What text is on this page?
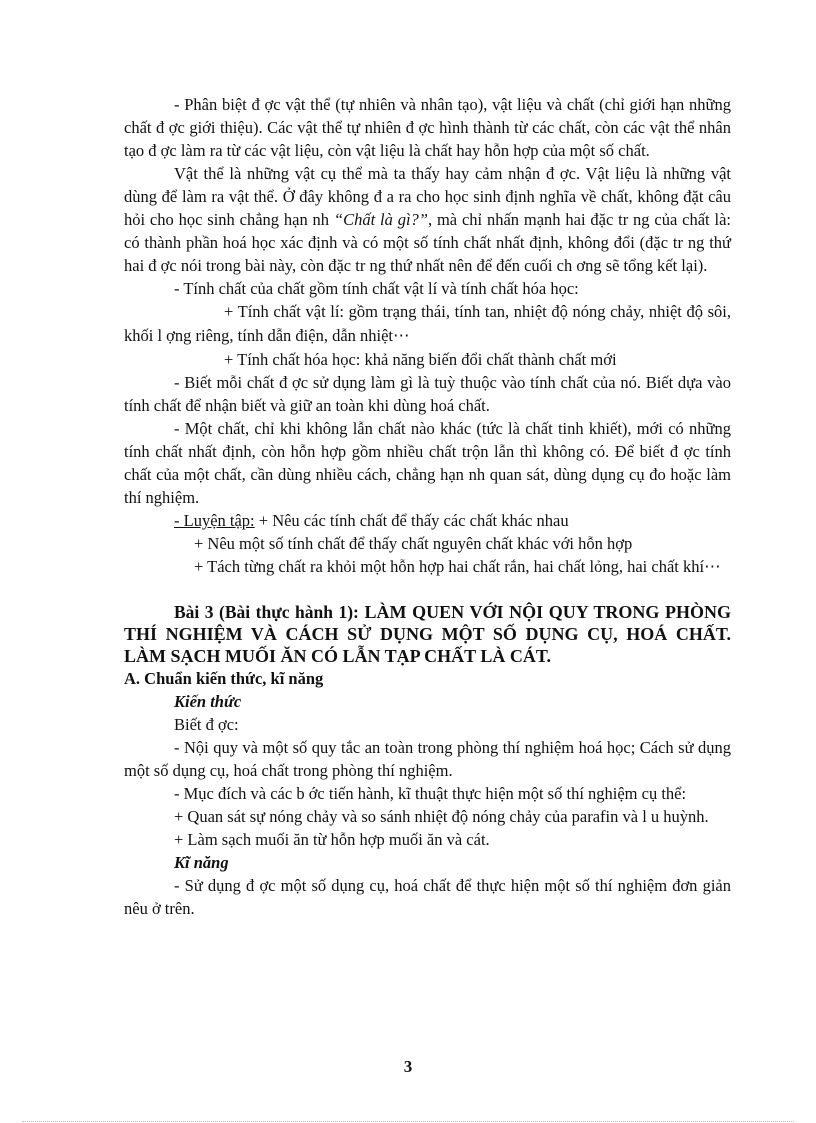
- Phân biệt đ ợc vật thể (tự nhiên và nhân tạo), vật liệu và chất (chỉ giới hạn những chất đ ợc giới thiệu). Các vật thể tự nhiên đ ợc hình thành từ các chất, còn các vật thể nhân tạo đ ợc làm ra từ các vật liệu, còn vật liệu là chất hay hỗn hợp của một số chất.

Vật thể là những vật cụ thể mà ta thấy hay cảm nhận đ ợc. Vật liệu là những vật dùng để làm ra vật thể. Ở đây không đ a ra cho học sinh định nghĩa về chất, không đặt câu hỏi cho học sinh chẳng hạn nh “Chất là gì?”, mà chỉ nhấn mạnh hai đặc tr ng của chất là: có thành phần hoá học xác định và có một số tính chất nhất định, không đổi (đặc tr ng thứ hai đ ợc nói trong bài này, còn đặc tr ng thứ nhất nên để đến cuối ch ơng sẽ tổng kết lại).

- Tính chất của chất gồm tính chất vật lí và tính chất hóa học:

+ Tính chất vật lí: gồm trạng thái, tính tan, nhiệt độ nóng chảy, nhiệt độ sôi, khối l ợng riêng, tính dẫn điện, dẫn nhiệt⋯

+ Tính chất hóa học: khả năng biến đổi chất thành chất mới

- Biết mỗi chất đ ợc sử dụng làm gì là tuỳ thuộc vào tính chất của nó. Biết dựa vào tính chất để nhận biết và giữ an toàn khi dùng hoá chất.

- Một chất, chỉ khi không lẫn chất nào khác (tức là chất tinh khiết), mới có những tính chất nhất định, còn hỗn hợp gồm nhiều chất trộn lẫn thì không có. Để biết đ ợc tính chất của một chất, cần dùng nhiều cách, chẳng hạn nh quan sát, dùng dụng cụ đo hoặc làm thí nghiệm.

- Luyện tập: + Nêu các tính chất để thấy các chất khác nhau

+ Nêu một số tính chất để thấy chất nguyên chất khác với hỗn hợp

+ Tách từng chất ra khỏi một hỗn hợp hai chất rắn, hai chất lỏng, hai chất khí⋯

Bài 3 (Bài thực hành 1): LÀM QUEN VỚI NỘI QUY TRONG PHÒNG THÍ NGHIỆM VÀ CÁCH SỬ DỤNG MỘT SỐ DỤNG CỤ, HOÁ CHẤT. LÀM SẠCH MUỐI ĂN CÓ LẪN TẠP CHẤT LÀ CÁT.

A. Chuẩn kiến thức, kĩ năng

Kiến thức

Biết đ ợc:

- Nội quy và một số quy tắc an toàn trong phòng thí nghiệm hoá học; Cách sử dụng một số dụng cụ, hoá chất trong phòng thí nghiệm.

- Mục đích và các b ớc tiến hành, kĩ thuật thực hiện một số thí nghiệm cụ thể:

+ Quan sát sự nóng chảy và so sánh nhiệt độ nóng chảy của parafin và l u huỳnh.

+ Làm sạch muối ăn từ hỗn hợp muối ăn và cát.

Kĩ năng

- Sử dụng đ ợc một số dụng cụ, hoá chất để thực hiện một số thí nghiệm đơn giản nêu ở trên.

3
